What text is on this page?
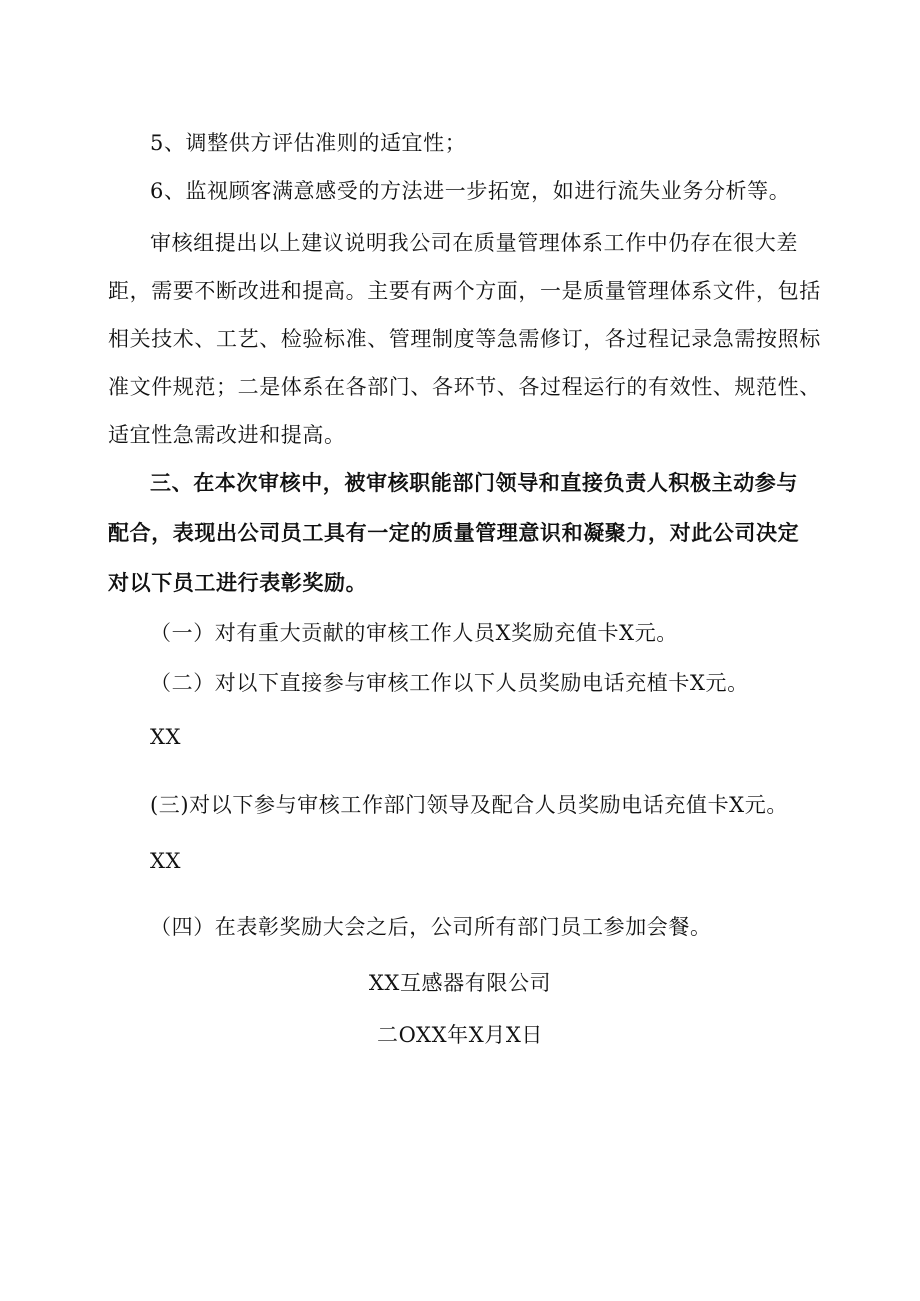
5、调整供方评估准则的适宜性；
6、监视顾客满意感受的方法进一步拓宽，如进行流失业务分析等。
审核组提出以上建议说明我公司在质量管理体系工作中仍存在很大差
距，需要不断改进和提高。主要有两个方面，一是质量管理体系文件，包括
相关技术、工艺、检验标准、管理制度等急需修订，各过程记录急需按照标
准文件规范；二是体系在各部门、各环节、各过程运行的有效性、规范性、
适宜性急需改进和提高。
三、在本次审核中，被审核职能部门领导和直接负责人积极主动参与
配合，表现出公司员工具有一定的质量管理意识和凝聚力，对此公司决定
对以下员工进行表彰奖励。
（一）对有重大贡献的审核工作人员X奖励充值卡X元。
（二）对以下直接参与审核工作以下人员奖励电话充植卡X元。
XX
(三)对以下参与审核工作部门领导及配合人员奖励电话充值卡X元。
XX
（四）在表彰奖励大会之后，公司所有部门员工参加会餐。
XX互感器有限公司
二OXX年X月X日
